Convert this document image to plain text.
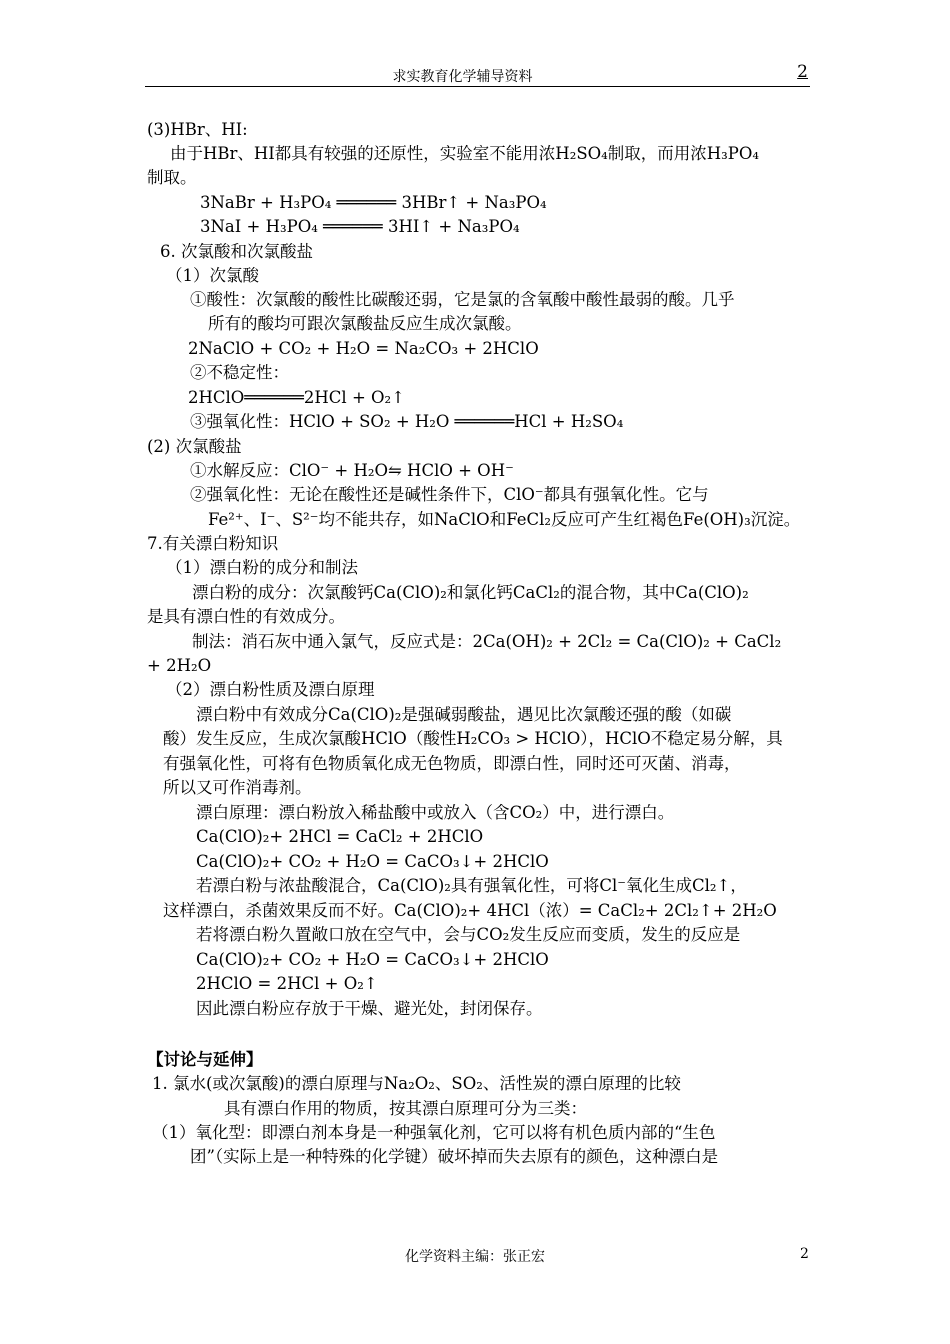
求实教育化学辅导资料	2
(3)HBr、HI:
由于HBr、HI都具有较强的还原性，实验室不能用浓H₂SO₄制取，而用浓H₃PO₄
制取。
3NaBr + H₃PO₄ ══════ 3HBr↑ + Na₃PO₄
3NaI + H₃PO₄ ══════ 3HI↑ + Na₃PO₄
6. 次氯酸和次氯酸盐
（1）次氯酸
①酸性：次氯酸的酸性比碳酸还弱，它是氯的含氧酸中酸性最弱的酸。几乎
所有的酸均可跟次氯酸盐反应生成次氯酸。
2NaClO + CO₂ + H₂O = Na₂CO₃ + 2HClO
②不稳定性：
2HClO══════2HCl + O₂↑
③强氧化性：HClO + SO₂ + H₂O ══════HCl + H₂SO₄
(2) 次氯酸盐
①水解反应：ClO⁻ + H₂O⇋ HClO + OH⁻
②强氧化性：无论在酸性还是碱性条件下，ClO⁻都具有强氧化性。它与
Fe²⁺、I⁻、S²⁻均不能共存，如NaClO和FeCl₂反应可产生红褐色Fe(OH)₃沉淀。
7.有关漂白粉知识
（1）漂白粉的成分和制法
漂白粉的成分：次氯酸钙Ca(ClO)₂和氯化钙CaCl₂的混合物，其中Ca(ClO)₂
是具有漂白性的有效成分。
制法：消石灰中通入氯气，反应式是：2Ca(OH)₂ + 2Cl₂ = Ca(ClO)₂ + CaCl₂
+ 2H₂O
（2）漂白粉性质及漂白原理
漂白粉中有效成分Ca(ClO)₂是强碱弱酸盐，遇见比次氯酸还强的酸（如碳
酸）发生反应，生成次氯酸HClO（酸性H₂CO₃ > HClO），HClO不稳定易分解，具
有强氧化性，可将有色物质氧化成无色物质，即漂白性，同时还可灭菌、消毒，
所以又可作消毒剂。
漂白原理：漂白粉放入稀盐酸中或放入（含CO₂）中，进行漂白。
Ca(ClO)₂+ 2HCl = CaCl₂ + 2HClO
Ca(ClO)₂+ CO₂ + H₂O = CaCO₃↓+ 2HClO
若漂白粉与浓盐酸混合，Ca(ClO)₂具有强氧化性，可将Cl⁻氧化生成Cl₂↑，
这样漂白，杀菌效果反而不好。Ca(ClO)₂+ 4HCl（浓）= CaCl₂+ 2Cl₂↑+ 2H₂O
若将漂白粉久置敞口放在空气中，会与CO₂发生反应而变质，发生的反应是
Ca(ClO)₂+ CO₂ + H₂O = CaCO₃↓+ 2HClO
2HClO = 2HCl + O₂↑
因此漂白粉应存放于干燥、避光处，封闭保存。
【讨论与延伸】
1. 氯水(或次氯酸)的漂白原理与Na₂O₂、SO₂、活性炭的漂白原理的比较
具有漂白作用的物质，按其漂白原理可分为三类：
（1）氧化型：即漂白剂本身是一种强氧化剂，它可以将有机色质内部的“生色
团”（实际上是一种特殊的化学键）破坏掉而失去原有的颜色，这种漂白是
化学资料主编：张正宏	2
